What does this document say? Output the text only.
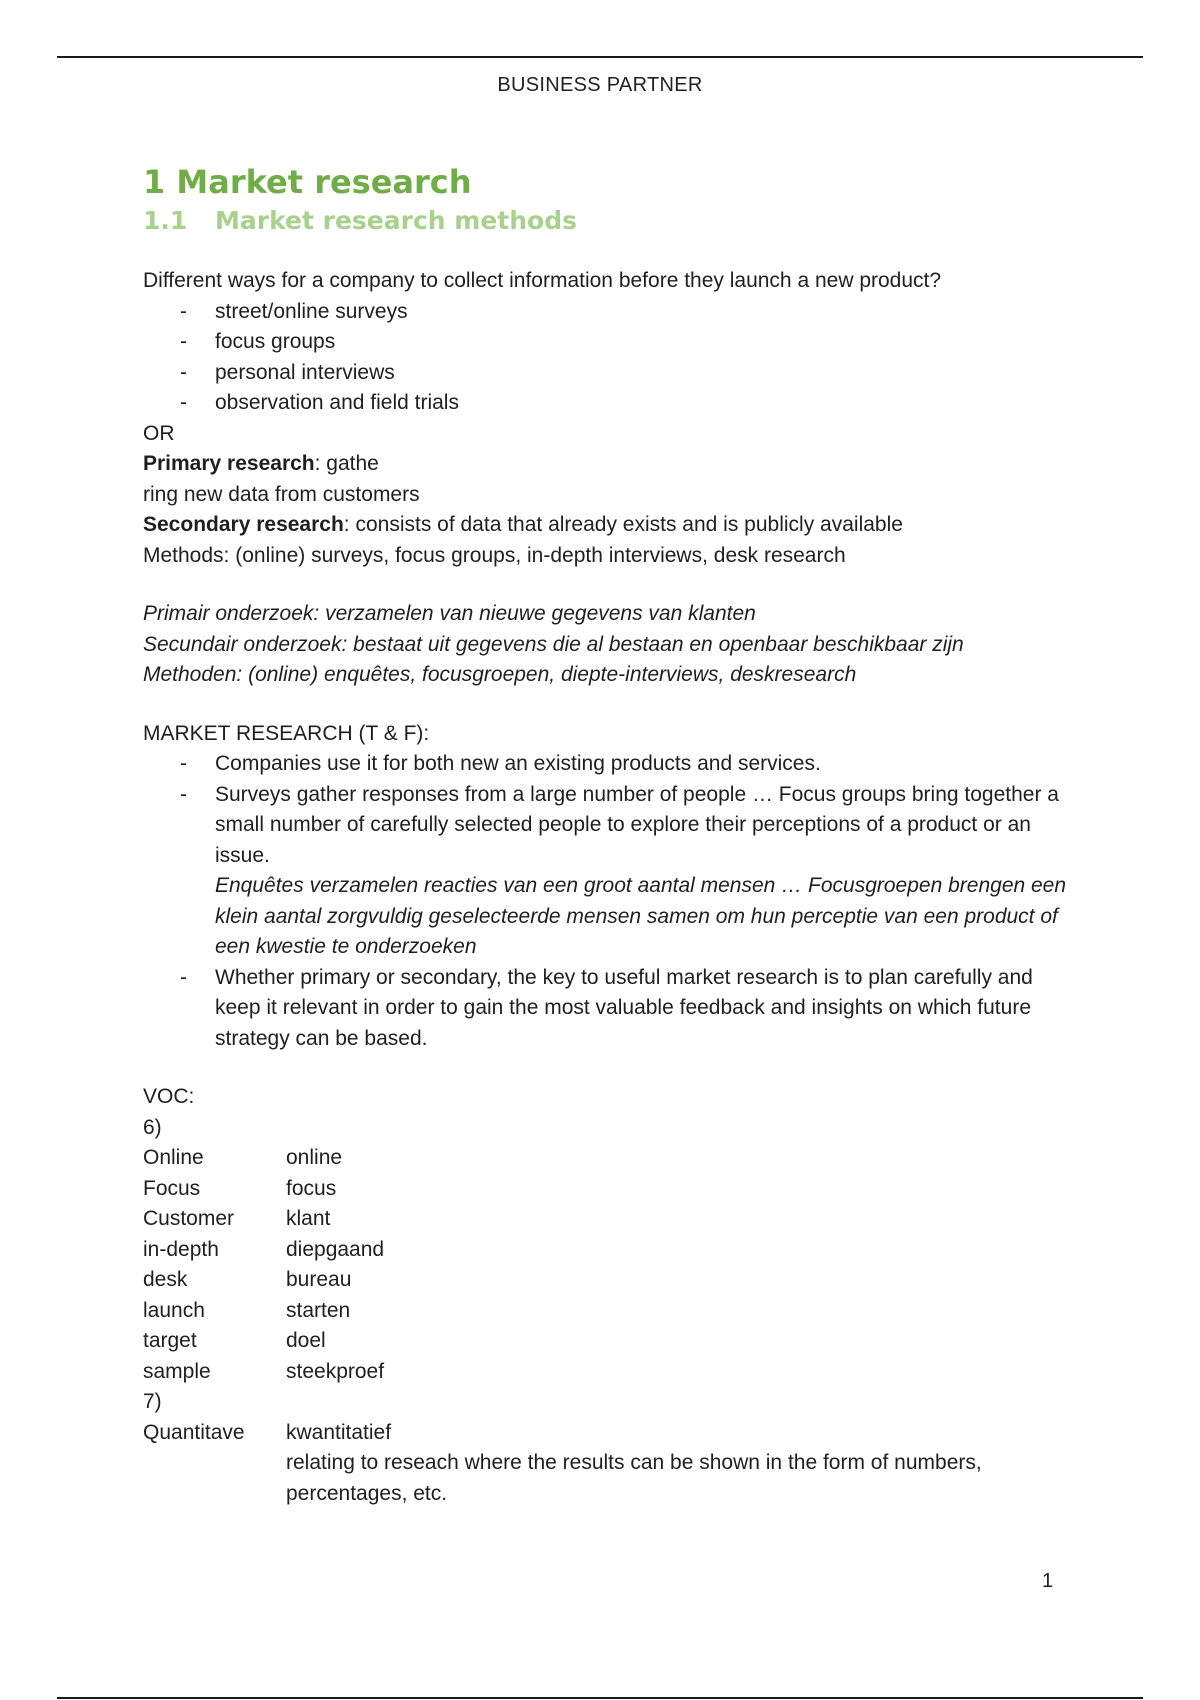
BUSINESS PARTNER
1 Market research
1.1 Market research methods

Different ways for a company to collect information before they launch a new product?

- street/online surveys
- focus groups
- personal interviews
- observation and field trials

OR

Primary research: gathe

ring new data from customers

Secondary research: consists of data that already exists and is publicly available

Methods: (online) surveys, focus groups, in-depth interviews, desk research

Primair onderzoek: verzamelen van nieuwe gegevens van klanten

Secundair onderzoek: bestaat uit gegevens die al bestaan en openbaar beschikbaar zijn

Methoden: (online) enquêtes, focusgroepen, diepte-interviews, deskresearch

MARKET RESEARCH (T & F):

- Companies use it for both new an existing products and services.
- Surveys gather responses from a large number of people … Focus groups bring together a small number of carefully selected people to explore their perceptions of a product or an issue.
Enquêtes verzamelen reacties van een groot aantal mensen … Focusgroepen brengen een klein aantal zorgvuldig geselecteerde mensen samen om hun perceptie van een product of een kwestie te onderzoeken
- Whether primary or secondary, the key to useful market research is to plan carefully and keep it relevant in order to gain the most valuable feedback and insights on which future strategy can be based.

VOC:

6)

Online	online
Focus	focus
Customer	klant
in-depth	diepgaand
desk	bureau
launch	starten
target	doel
sample	steekproef

7)

Quantitave	kwantitatief
relating to reseach where the results can be shown in the form of numbers, percentages, etc.
1
